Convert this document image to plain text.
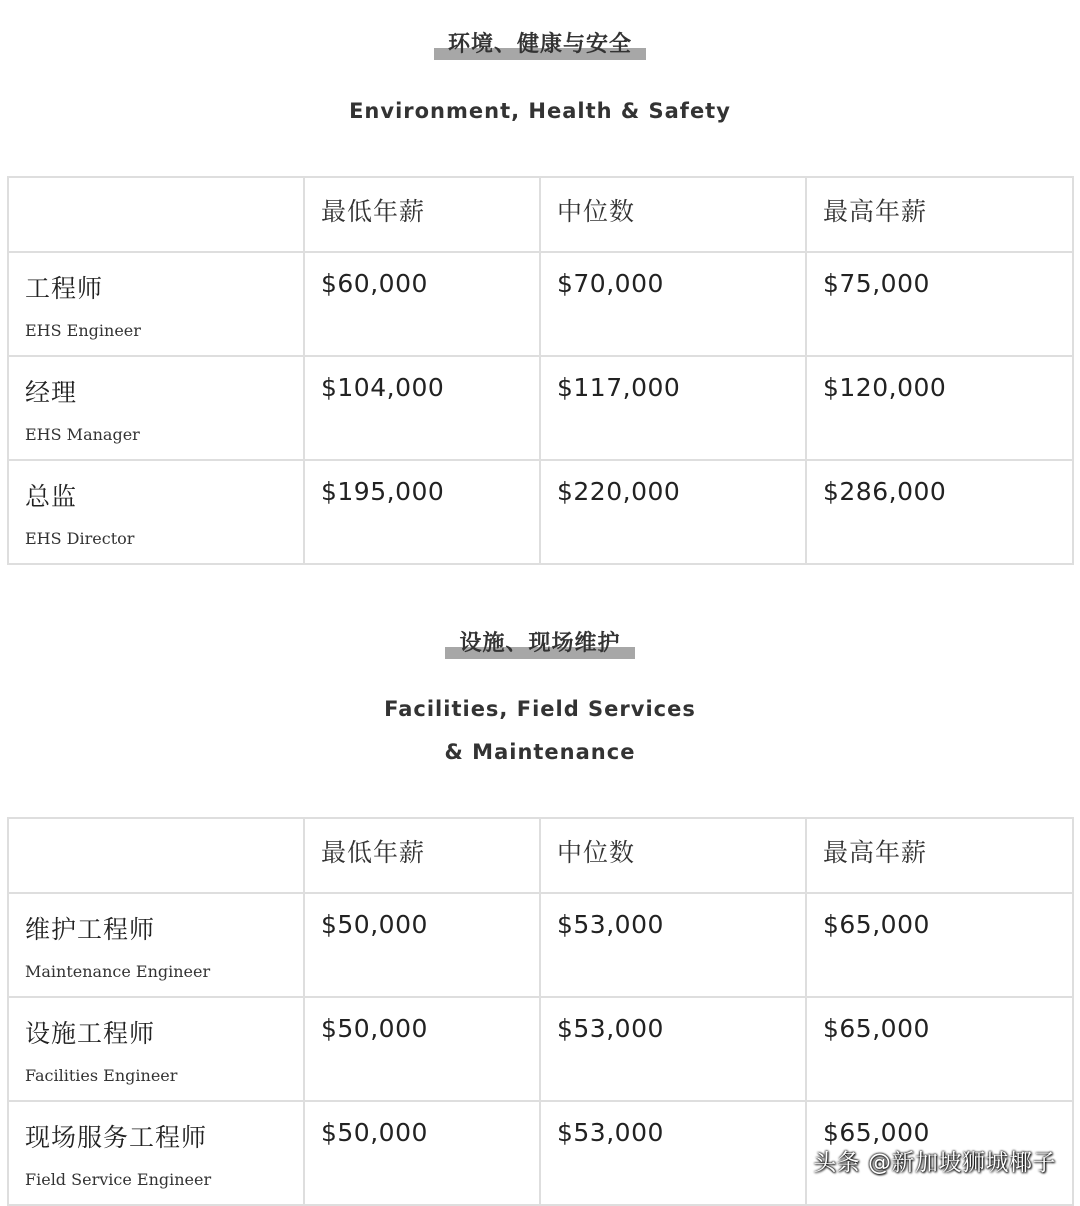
环境、健康与安全
Environment, Health & Safety
	最低年薪	中位数	最高年薪

工程师
EHS Engineer	$60,000	$70,000	$75,000

经理
EHS Manager	$104,000	$117,000	$120,000

总监
EHS Director	$195,000	$220,000	$286,000
设施、现场维护
Facilities, Field Services
& Maintenance
	最低年薪	中位数	最高年薪

维护工程师
Maintenance Engineer	$50,000	$53,000	$65,000

设施工程师
Facilities Engineer	$50,000	$53,000	$65,000

现场服务工程师
Field Service Engineer	$50,000	$53,000	$65,000
头条 @新加坡狮城椰子
